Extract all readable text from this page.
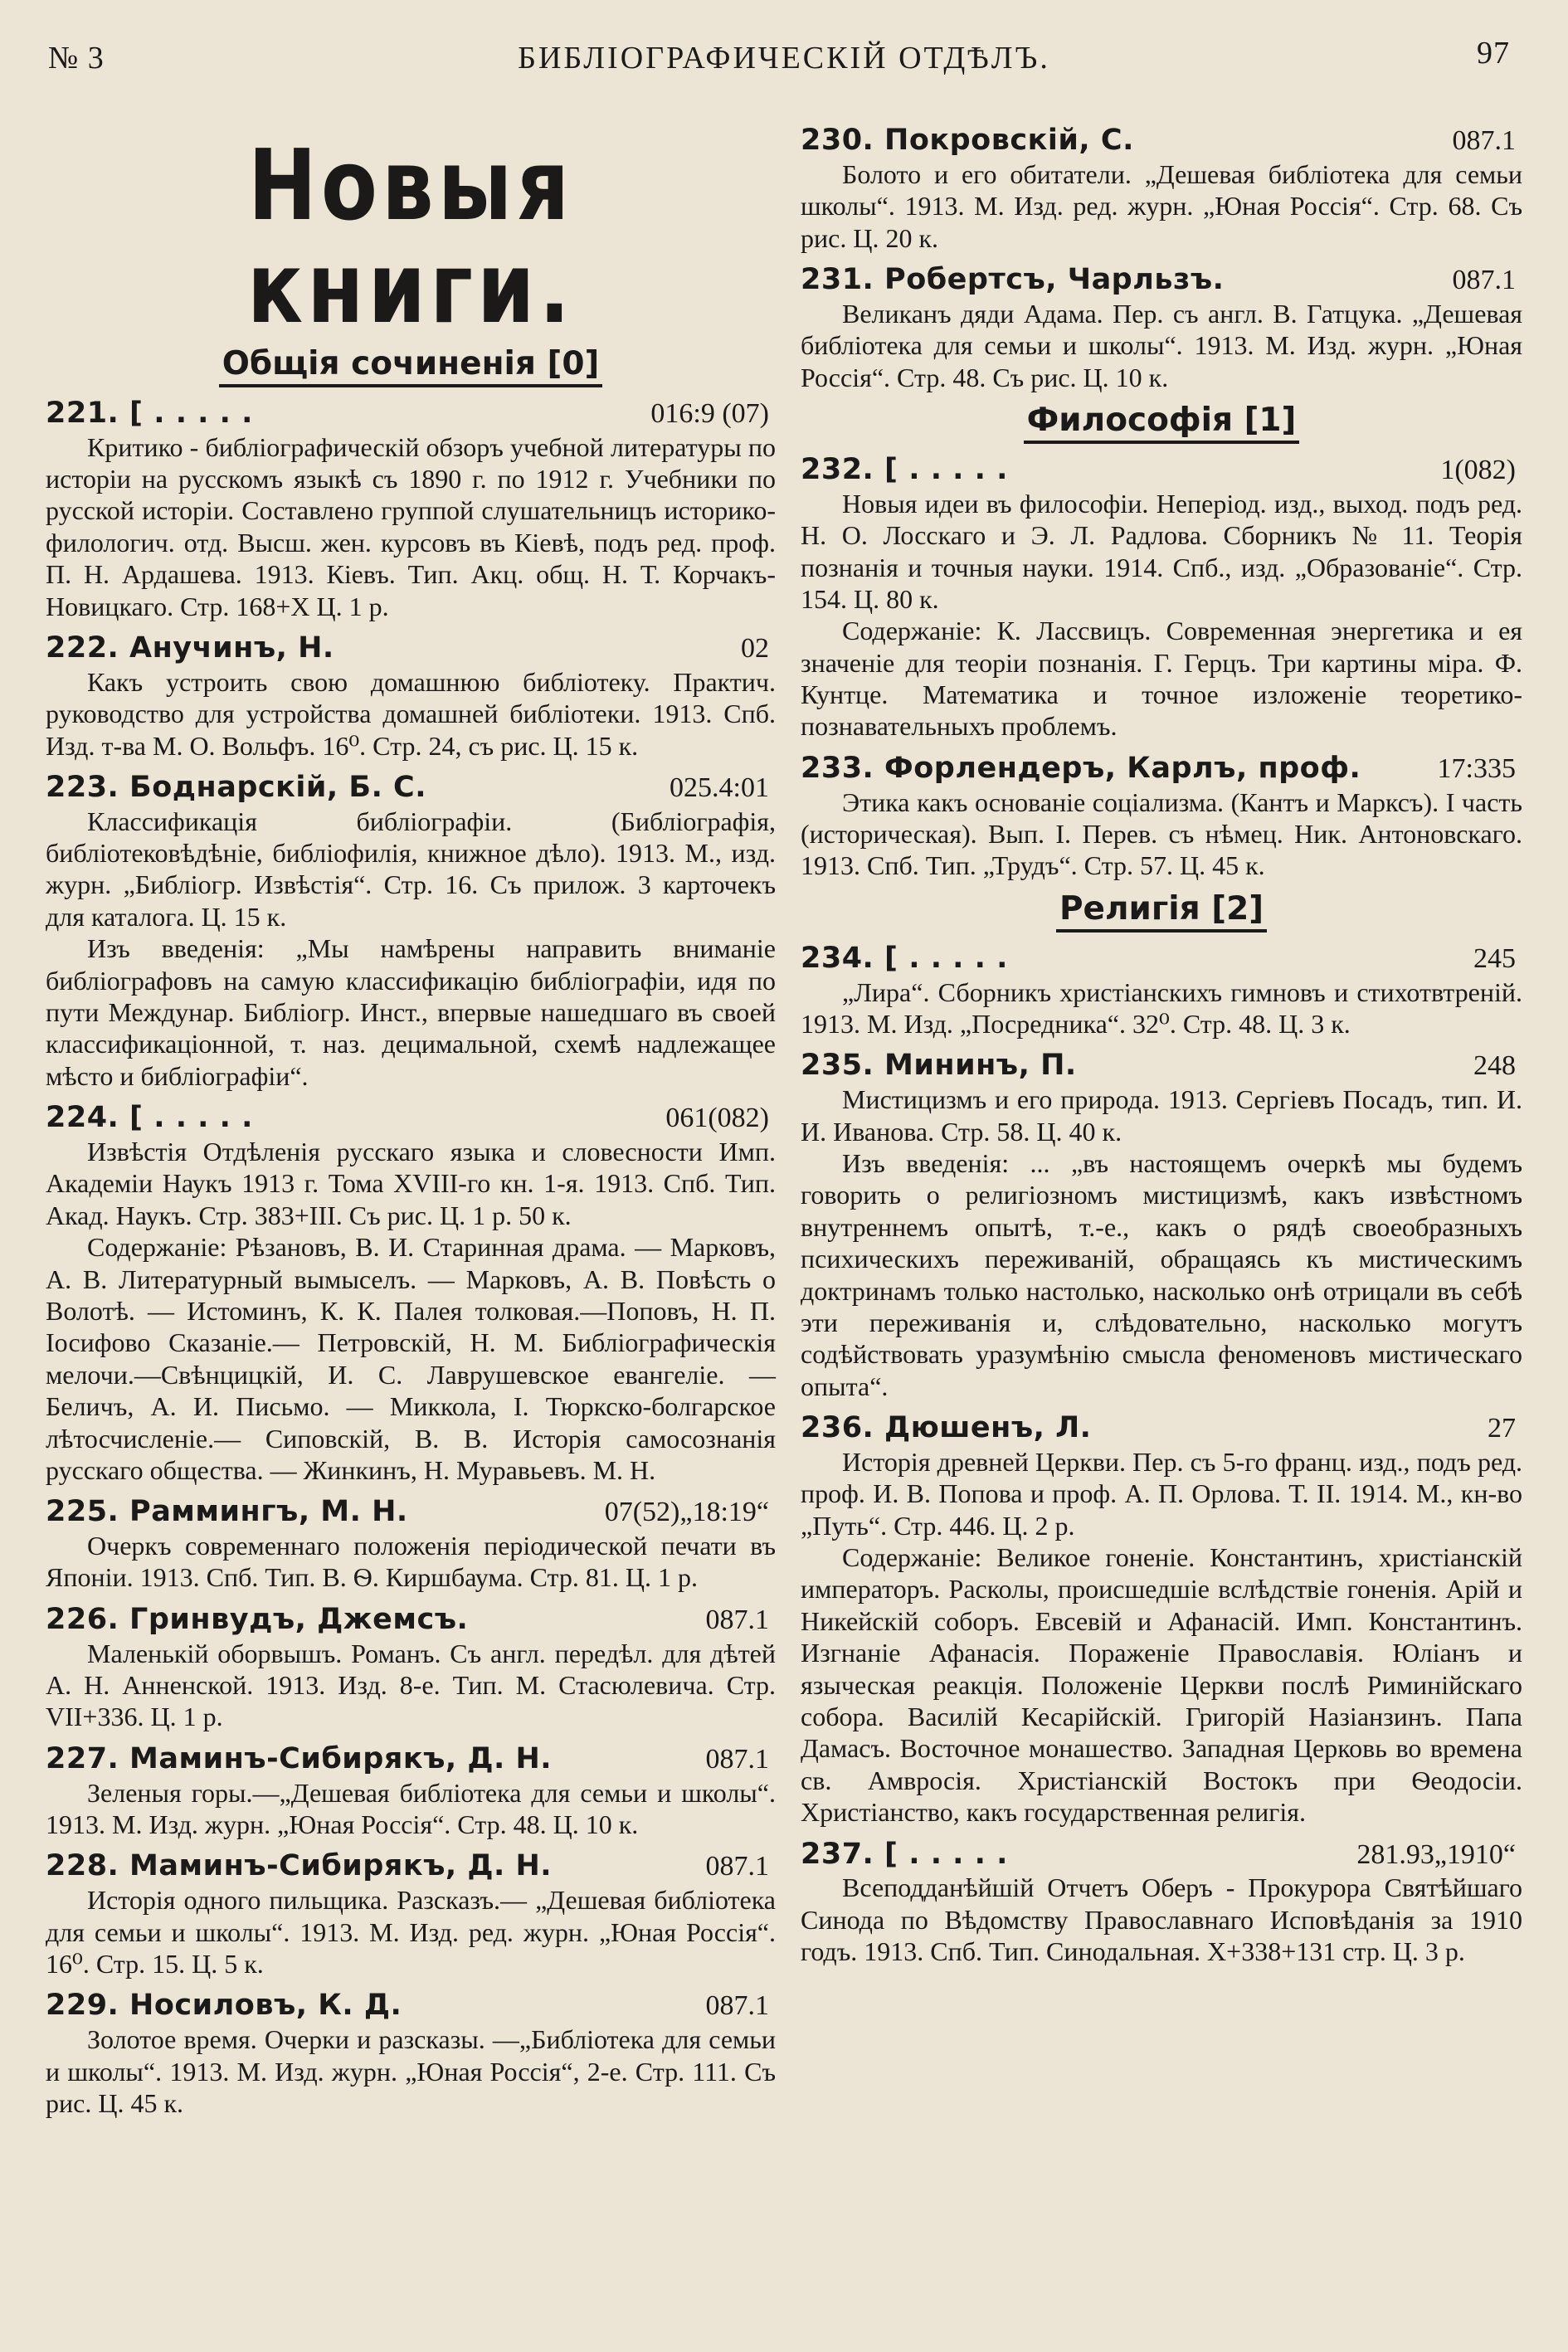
№ 3	БИБЛІОГРАФИЧЕСКІЙ ОТДѢЛЪ.	97
Новыя книги.
Общія сочиненія [0]
221. [ . . . . .	016:9 (07)
Критико - библіографическій обзоръ учебной литературы по исторіи на русскомъ языкѣ съ 1890 г. по 1912 г. Учебники по русской исторіи. Составлено группой слушательницъ историко-филологич. отд. Высш. жен. курсовъ въ Кіевѣ, подъ ред. проф. П. Н. Ардашева. 1913. Кіевъ. Тип. Акц. общ. Н. Т. Корчакъ-Новицкаго. Стр. 168+X Ц. 1 р.
222. Анучинъ, Н.	02
Какъ устроить свою домашнюю библіотеку. Практич. руководство для устройства домашней библіотеки. 1913. Спб. Изд. т-ва М. О. Вольфъ. 16⁰. Стр. 24, съ рис. Ц. 15 к.
223. Боднарскій, Б. С.	025.4:01
Классификація библіографіи. (Библіографія, библіотековѣдѣніе, библіофилія, книжное дѣло). 1913. М., изд. журн. „Библіогр. Извѣстія“. Стр. 16. Съ прилож. 3 карточекъ для каталога. Ц. 15 к.
Изъ введенія: „Мы намѣрены направить вниманіе библіографовъ на самую классификацію библіографіи, идя по пути Междунар. Библіогр. Инст., впервые нашедшаго въ своей классификаціонной, т. наз. децимальной, схемѣ надлежащее мѣсто и библіографіи“.
224. [ . . . . .	061(082)
Извѣстія Отдѣленія русскаго языка и словесности Имп. Академіи Наукъ 1913 г. Тома XVIII-го кн. 1-я. 1913. Спб. Тип. Акад. Наукъ. Стр. 383+III. Съ рис. Ц. 1 р. 50 к.
Содержаніе: Рѣзановъ, В. И. Старинная драма. — Марковъ, А. В. Литературный вымыселъ. — Марковъ, А. В. Повѣсть о Волотѣ. — Истоминъ, К. К. Палея толковая.—Поповъ, Н. П. Іосифово Сказаніе.— Петровскій, Н. М. Библіографическія мелочи.—Свѣнцицкій, И. С. Лаврушевское евангеліе. — Беличъ, А. И. Письмо. — Миккола, I. Тюркско-болгарское лѣтосчисленіе.— Сиповскій, В. В. Исторія самосознанія русскаго общества. — Жинкинъ, Н. Муравьевъ. М. Н.
225. Раммингъ, М. Н.	07(52)„18:19“
Очеркъ современнаго положенія періодической печати въ Японіи. 1913. Спб. Тип. В. Ѳ. Киршбаума. Стр. 81. Ц. 1 р.
226. Гринвудъ, Джемсъ.	087.1
Маленькій оборвышъ. Романъ. Съ англ. передѣл. для дѣтей А. Н. Анненской. 1913. Изд. 8-е. Тип. М. Стасюлевича. Стр. VII+336. Ц. 1 р.
227. Маминъ-Сибирякъ, Д. Н.	087.1
Зеленыя горы.—„Дешевая библіотека для семьи и школы“. 1913. М. Изд. журн. „Юная Россія“. Стр. 48. Ц. 10 к.
228. Маминъ-Сибирякъ, Д. Н.	087.1
Исторія одного пильщика. Разсказъ.— „Дешевая библіотека для семьи и школы“. 1913. М. Изд. ред. журн. „Юная Россія“. 16⁰. Стр. 15. Ц. 5 к.
229. Носиловъ, К. Д.	087.1
Золотое время. Очерки и разсказы. —„Библіотека для семьи и школы“. 1913. М. Изд. журн. „Юная Россія“, 2-е. Стр. 111. Съ рис. Ц. 45 к.
230. Покровскій, С.	087.1
Болото и его обитатели. „Дешевая библіотека для семьи школы“. 1913. М. Изд. ред. журн. „Юная Россія“. Стр. 68. Съ рис. Ц. 20 к.
231. Робертсъ, Чарльзъ.	087.1
Великанъ дяди Адама. Пер. съ англ. В. Гатцука. „Дешевая библіотека для семьи и школы“. 1913. М. Изд. журн. „Юная Россія“. Стр. 48. Съ рис. Ц. 10 к.
Философія [1]
232. [ . . . . .	1(082)
Новыя идеи въ философіи. Неперіод. изд., выход. подъ ред. Н. О. Лосскаго и Э. Л. Радлова. Сборникъ № 11. Теорія познанія и точныя науки. 1914. Спб., изд. „Образованіе“. Стр. 154. Ц. 80 к.
Содержаніе: К. Лассвицъ. Современная энергетика и ея значеніе для теоріи познанія. Г. Герцъ. Три картины міра. Ф. Кунтце. Математика и точное изложеніе теоретико-познавательныхъ проблемъ.
233. Форлендеръ, Карлъ, проф.	17:335
Этика какъ основаніе соціализма. (Кантъ и Марксъ). I часть (историческая). Вып. I. Перев. съ нѣмец. Ник. Антоновскаго. 1913. Спб. Тип. „Трудъ“. Стр. 57. Ц. 45 к.
Религія [2]
234. [ . . . . .	245
„Лира“. Сборникъ христіанскихъ гимновъ и стихотвтреній. 1913. М. Изд. „Посредника“. 32⁰. Стр. 48. Ц. 3 к.
235. Мининъ, П.	248
Мистицизмъ и его природа. 1913. Сергіевъ Посадъ, тип. И. И. Иванова. Стр. 58. Ц. 40 к.
Изъ введенія: ... „въ настоящемъ очеркѣ мы будемъ говорить о религіозномъ мистицизмѣ, какъ извѣстномъ внутреннемъ опытѣ, т.-е., какъ о рядѣ своеобразныхъ психическихъ переживаній, обращаясь къ мистическимъ доктринамъ только настолько, насколько онѣ отрицали въ себѣ эти переживанія и, слѣдовательно, насколько могутъ содѣйствовать уразумѣнію смысла феноменовъ мистическаго опыта“.
236. Дюшенъ, Л.	27
Исторія древней Церкви. Пер. съ 5-го франц. изд., подъ ред. проф. И. В. Попова и проф. А. П. Орлова. Т. II. 1914. М., кн-во „Путь“. Стр. 446. Ц. 2 р.
Содержаніе: Великое гоненіе. Константинъ, христіанскій императоръ. Расколы, происшедшіе вслѣдствіе гоненія. Арій и Никейскій соборъ. Евсевій и Афанасій. Имп. Константинъ. Изгнаніе Афанасія. Пораженіе Православія. Юліанъ и языческая реакція. Положеніе Церкви послѣ Риминійскаго собора. Василій Кесарійскій. Григорій Назіанзинъ. Папа Дамасъ. Восточное монашество. Западная Церковь во времена св. Амвросія. Христіанскій Востокъ при Ѳеодосіи. Христіанство, какъ государственная религія.
237. [ . . . . .	281.93„1910“
Всеподданѣйшій Отчетъ Оберъ - Прокурора Святѣйшаго Синода по Вѣдомству Православнаго Исповѣданія за 1910 годъ. 1913. Спб. Тип. Синодальная. X+338+131 стр. Ц. 3 р.
